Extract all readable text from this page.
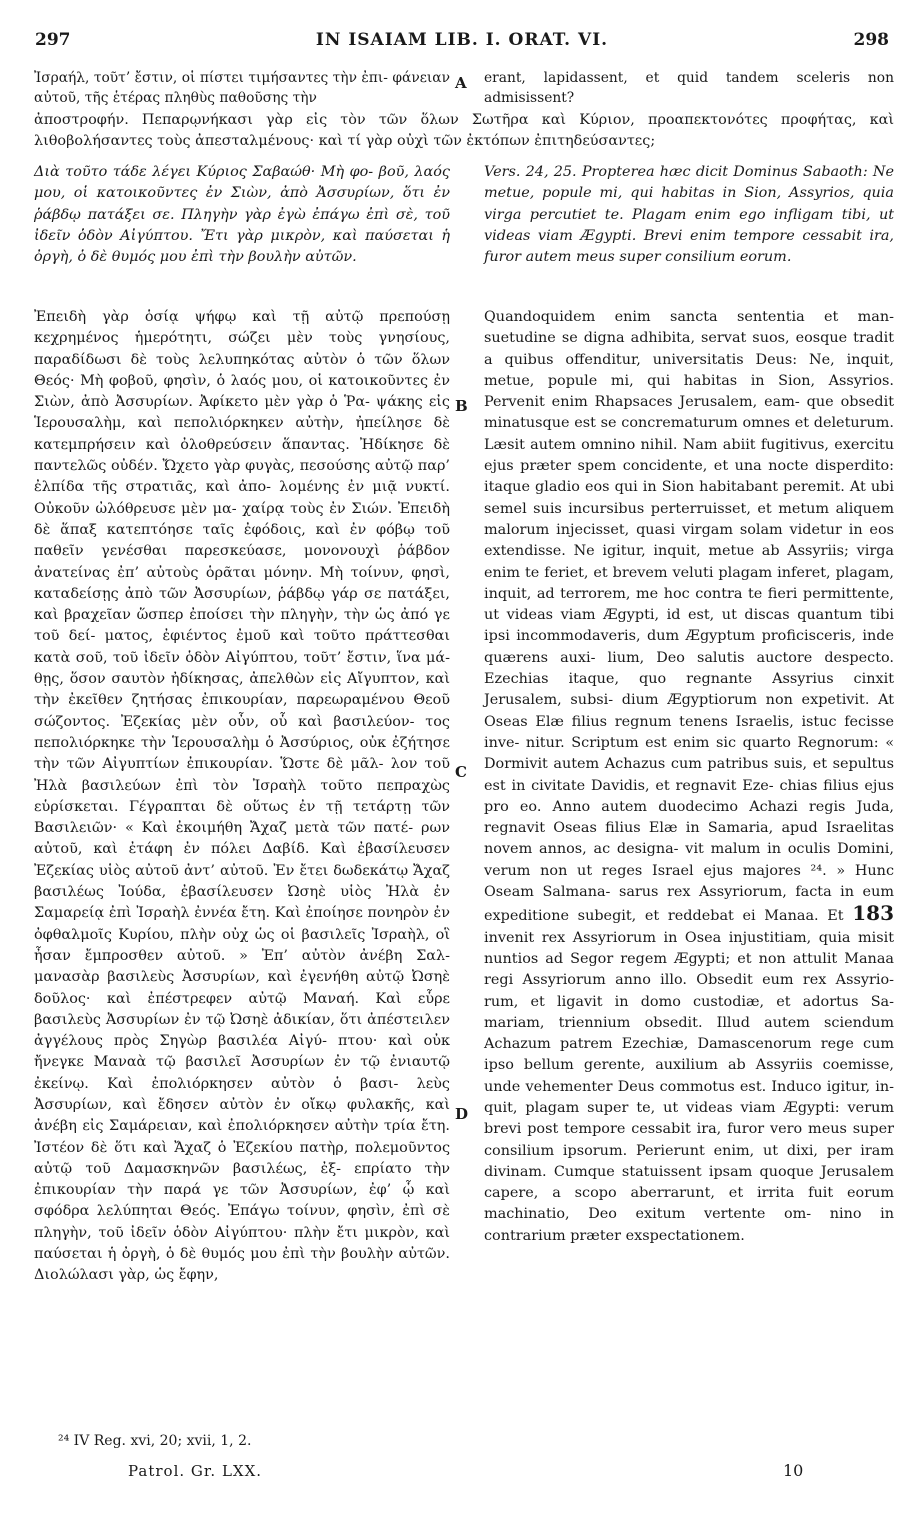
297	IN ISAIAM LIB. I. ORAT. VI.	298

Ἰσραήλ, τοῦτ’ ἔστιν, οἱ πίστει τιμήσαντες τὴν ἐπι- φάνειαν αὐτοῦ, τῆς ἑτέρας πληθὺς παθοῦσης τὴν

erant, lapidassent, et quid tandem sceleris non admisissent?

ἀποστροφήν. Πεπαρῳνήκασι γὰρ εἰς τὸν τῶν ὅλων Σωτῆρα καὶ Κύριον, προαπεκτονότες προφήτας, καὶ λιθοβολήσαντες τοὺς ἀπεσταλμένους· καὶ τί γὰρ οὐχὶ τῶν ἐκτόπων ἐπιτηδεύσαντες;

Διὰ τοῦτο τάδε λέγει Κύριος Σαβαώθ· Μὴ φο- βοῦ, λαός μου, οἱ κατοικοῦντες ἐν Σιὼν, ἀπὸ Ἀσσυρίων, ὅτι ἐν ῥάβδῳ πατάξει σε. Πληγὴν γὰρ ἐγὼ ἐπάγω ἐπὶ σὲ, τοῦ ἰδεῖν ὁδὸν Αἰγύπτου. Ἔτι γὰρ μικρὸν, καὶ παύσεται ἡ ὀργὴ, ὁ δὲ θυμός μου ἐπὶ τὴν βουλὴν αὐτῶν.

Vers. 24, 25. Propterea hæc dicit Dominus Sabaoth: Ne metue, popule mi, qui habitas in Sion, Assyrios, quia virga percutiet te. Plagam enim ego infligam tibi, ut videas viam Ægypti. Brevi enim tempore cessabit ira, furor autem meus super consilium eorum.

Ἐπειδὴ γὰρ ὁσίᾳ ψήφῳ καὶ τῇ αὐτῷ πρεπούσῃ κεχρημένος ἡμερότητι, σώζει μὲν τοὺς γνησίους, παραδίδωσι δὲ τοὺς λελυπηκότας αὐτὸν ὁ τῶν ὅλων Θεός· Μὴ φοβοῦ, φησὶν, ὁ λαός μου, οἱ κατοικοῦντες ἐν Σιὼν, ἀπὸ Ἀσσυρίων. Ἀφίκετο μὲν γὰρ ὁ Ῥα- ψάκης εἰς Ἱερουσαλὴμ, καὶ πεπολιόρκηκεν αὐτὴν, ἠπείλησε δὲ κατεμπρήσειν καὶ ὀλοθρεύσειν ἅπαντας. Ἠδίκησε δὲ παντελῶς οὐδέν. Ὤχετο γὰρ φυγὰς, πεσούσης αὐτῷ παρ’ ἐλπίδα τῆς στρατιᾶς, καὶ ἀπο- λομένης ἐν μιᾷ νυκτί. Οὐκοῦν ὠλόθρευσε μὲν μα- χαίρᾳ τοὺς ἐν Σιών. Ἐπειδὴ δὲ ἅπαξ κατεπτόησε ταῖς ἐφόδοις, καὶ ἐν φόβῳ τοῦ παθεῖν γενέσθαι παρεσκεύασε, μονονουχὶ ῥάβδον ἀνατείνας ἐπ’ αὐτοὺς ὁρᾶται μόνην. Μὴ τοίνυν, φησὶ, καταδείσῃς ἀπὸ τῶν Ἀσσυρίων, ῥάβδῳ γάρ σε πατάξει, καὶ βραχεῖαν ὥσπερ ἐποίσει τὴν πληγὴν, τὴν ὡς ἀπό γε τοῦ δεί- ματος, ἐφιέντος ἐμοῦ καὶ τοῦτο πράττεσθαι κατὰ σοῦ, τοῦ ἰδεῖν ὁδὸν Αἰγύπτου, τοῦτ’ ἔστιν, ἵνα μά- θῃς, ὅσον σαυτὸν ἠδίκησας, ἀπελθὼν εἰς Αἴγυπτον, καὶ τὴν ἐκεῖθεν ζητήσας ἐπικουρίαν, παρεωραμένου Θεοῦ σώζοντος. Ἐζεκίας μὲν οὖν, οὗ καὶ βασιλεύον- τος πεπολιόρκηκε τὴν Ἱερουσαλὴμ ὁ Ἀσσύριος, οὐκ ἐζήτησε τὴν τῶν Αἰγυπτίων ἐπικουρίαν. Ὥστε δὲ μᾶλ- λον τοῦ Ἠλὰ βασιλεύων ἐπὶ τὸν Ἰσραὴλ τοῦτο πεπραχὼς εὑρίσκεται. Γέγραπται δὲ οὕτως ἐν τῇ τετάρτῃ τῶν Βασιλειῶν· « Καὶ ἐκοιμήθη Ἄχαζ μετὰ τῶν πατέ- ρων αὐτοῦ, καὶ ἐτάφη ἐν πόλει Δαβίδ. Καὶ ἐβασίλευσεν Ἐζεκίας υἱὸς αὐτοῦ ἀντ’ αὐτοῦ. Ἐν ἔτει δωδεκάτῳ Ἄχαζ βασιλέως Ἰούδα, ἐβασίλευσεν Ὠσηὲ υἱὸς Ἠλὰ ἐν Σαμαρείᾳ ἐπὶ Ἰσραὴλ ἐννέα ἔτη. Καὶ ἐποίησε πονηρὸν ἐν ὀφθαλμοῖς Κυρίου, πλὴν οὐχ ὡς οἱ βασιλεῖς Ἰσραὴλ, οἳ ἦσαν ἔμπροσθεν αὐτοῦ. » Ἐπ’ αὐτὸν ἀνέβη Σαλ- μανασὰρ βασιλεὺς Ἀσσυρίων, καὶ ἐγενήθη αὐτῷ Ὠσηὲ δοῦλος· καὶ ἐπέστρεφεν αὐτῷ Μαναή. Καὶ εὗρε βασιλεὺς Ἀσσυρίων ἐν τῷ Ὠσηὲ ἀδικίαν, ὅτι ἀπέστειλεν ἀγγέλους πρὸς Σηγὼρ βασιλέα Αἰγύ- πτου· καὶ οὐκ ἤνεγκε Μαναὰ τῷ βασιλεῖ Ἀσσυρίων ἐν τῷ ἐνιαυτῷ ἐκείνῳ. Καὶ ἐπολιόρκησεν αὐτὸν ὁ βασι- λεὺς Ἀσσυρίων, καὶ ἔδησεν αὐτὸν ἐν οἴκῳ φυλακῆς, καὶ ἀνέβη εἰς Σαμάρειαν, καὶ ἐπολιόρκησεν αὐτὴν τρία ἔτη. Ἰστέον δὲ ὅτι καὶ Ἄχαζ ὁ Ἐζεκίου πατὴρ, πολεμοῦντος αὐτῷ τοῦ Δαμασκηνῶν βασιλέως, ἐξ- επρίατο τὴν ἐπικουρίαν τὴν παρά γε τῶν Ἀσσυρίων, ἐφ’ ᾧ καὶ σφόδρα λελύπηται Θεός. Ἐπάγω τοίνυν, φησὶν, ἐπὶ σὲ πληγὴν, τοῦ ἰδεῖν ὁδὸν Αἰγύπτου· πλὴν ἔτι μικρὸν, καὶ παύσεται ἡ ὀργὴ, ὁ δὲ θυμός μου ἐπὶ τὴν βουλὴν αὐτῶν. Διολώλασι γὰρ, ὡς ἔφην,

Quandoquidem enim sancta sententia et man- suetudine se digna adhibita, servat suos, eosque tradit a quibus offenditur, universitatis Deus: Ne, inquit, metue, popule mi, qui habitas in Sion, Assyrios. Pervenit enim Rhapsaces Jerusalem, eam- que obsedit minatusque est se concrematurum omnes et deleturum. Læsit autem omnino nihil. Nam abiit fugitivus, exercitu ejus præter spem concidente, et una nocte disperdito: itaque gladio eos qui in Sion habitabant peremit. At ubi semel suis incursibus perterruisset, et metum aliquem malorum injecisset, quasi virgam solam videtur in eos extendisse. Ne igitur, inquit, metue ab Assyriis; virga enim te feriet, et brevem veluti plagam inferet, plagam, inquit, ad terrorem, me hoc contra te fieri permittente, ut videas viam Ægypti, id est, ut discas quantum tibi ipsi incommodaveris, dum Ægyptum proficisceris, inde quærens auxi- lium, Deo salutis auctore despecto. Ezechias itaque, quo regnante Assyrius cinxit Jerusalem, subsi- dium Ægyptiorum non expetivit. At Oseas Elæ filius regnum tenens Israelis, istuc fecisse inve- nitur. Scriptum est enim sic quarto Regnorum: « Dormivit autem Achazus cum patribus suis, et sepultus est in civitate Davidis, et regnavit Eze- chias filius ejus pro eo. Anno autem duodecimo Achazi regis Juda, regnavit Oseas filius Elæ in Samaria, apud Israelitas novem annos, ac designa- vit malum in oculis Domini, verum non ut reges Israel ejus majores ²⁴. » Hunc Oseam Salmana- sarus rex Assyriorum, facta in eum expeditione subegit, et reddebat ei Manaa. Et 183 invenit rex Assyriorum in Osea injustitiam, quia misit nuntios ad Segor regem Ægypti; et non attulit Manaa regi Assyriorum anno illo. Obsedit eum rex Assyrio- rum, et ligavit in domo custodiæ, et adortus Sa- mariam, triennium obsedit. Illud autem sciendum Achazum patrem Ezechiæ, Damascenorum rege cum ipso bellum gerente, auxilium ab Assyriis coemisse, unde vehementer Deus commotus est. Induco igitur, in- quit, plagam super te, ut videas viam Ægypti: verum brevi post tempore cessabit ira, furor vero meus super consilium ipsorum. Perierunt enim, ut dixi, per iram divinam. Cumque statuissent ipsam quoque Jerusalem capere, a scopo aberrarunt, et irrita fuit eorum machinatio, Deo exitum vertente om- nino in contrarium præter exspectationem.

A
B
C
D
²⁴ IV Reg. xvi, 20; xvii, 1, 2.
Patrol. Gr. LXX.	10
